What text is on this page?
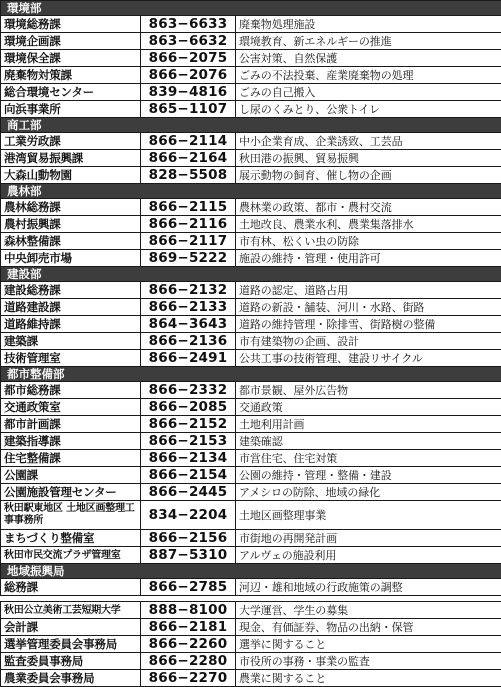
環境部		
環境総務課	863−6633	廃棄物処理施設
環境企画課	863−6632	環境教育、新エネルギーの推進
環境保全課	866−2075	公害対策、自然保護
廃棄物対策課	866−2076	ごみの不法投棄、産業廃棄物の処理
総合環境センター	839−4816	ごみの自己搬入
向浜事業所	865−1107	し尿のくみとり、公衆トイレ
商工部		
工業労政課	866−2114	中小企業育成、企業誘致、工芸品
港湾貿易振興課	866−2164	秋田港の振興、貿易振興
大森山動物園	828−5508	展示動物の飼育、催し物の企画
農林部		
農林総務課	866−2115	農林業の政策、都市・農村交流
農村振興課	866−2116	土地改良、農業水利、農業集落排水
森林整備課	866−2117	市有林、松くい虫の防除
中央卸売市場	869−5222	施設の維持・管理・使用許可
建設部		
建設総務課	866−2132	道路の認定、道路占用
道路建設課	866−2133	道路の新設・舗装、河川・水路、街路
道路維持課	864−3643	道路の維持管理・除排雪、街路樹の整備
建築課	866−2136	市有建築物の企画、設計
技術管理室	866−2491	公共工事の技術管理、建設リサイクル
都市整備部		
都市総務課	866−2332	都市景観、屋外広告物
交通政策室	866−2085	交通政策
都市計画課	866−2152	土地利用計画
建築指導課	866−2153	建築確認
住宅整備課	866−2134	市営住宅、住宅対策
公園課	866−2154	公園の維持・管理・整備・建設
公園施設管理センター	866−2445	アメシロの防除、地域の緑化
秋田駅東地区 土地区画整理工事事務所	834−2204	土地区画整理事業
まちづくり整備室	866−2156	市街地の再開発計画
秋田市民交流プラザ管理室	887−5310	アルヴェの施設利用
地域振興局		
総務課	866−2785	河辺・雄和地域の行政施策の調整

秋田公立美術工芸短期大学	888−8100	大学運営、学生の募集
会計課	866−2181	現金、有価証券、物品の出納・保管
選挙管理委員会事務局	866−2260	選挙に関すること
監査委員事務局	866−2280	市役所の事務・事業の監査
農業委員会事務局	866−2270	農業に関すること
